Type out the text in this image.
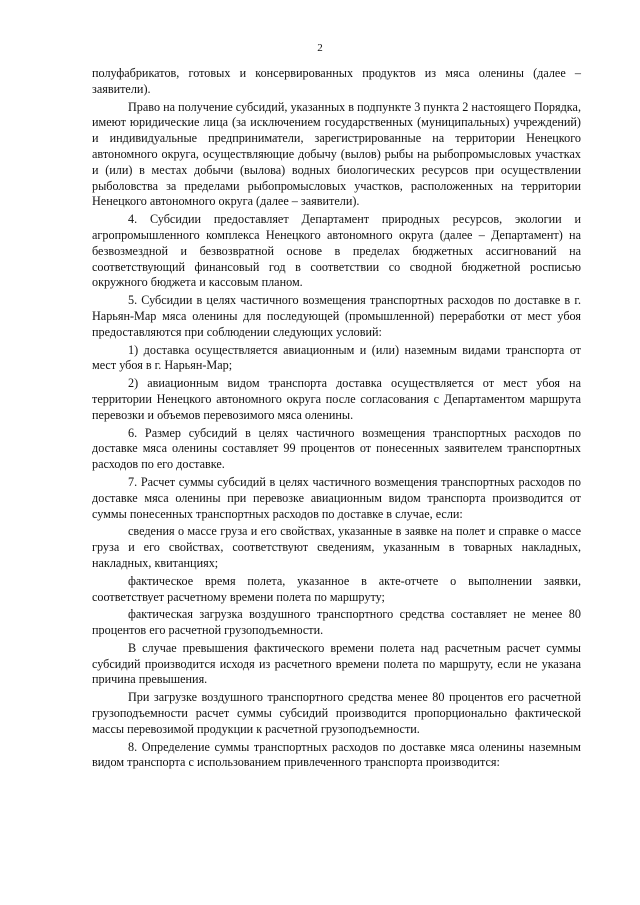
2

полуфабрикатов, готовых и консервированных продуктов из мяса оленины (далее – заявители).

Право на получение субсидий, указанных в подпункте 3 пункта 2 настоящего Порядка, имеют юридические лица (за исключением государственных (муниципальных) учреждений) и индивидуальные предприниматели, зарегистрированные на территории Ненецкого автономного округа, осуществляющие добычу (вылов) рыбы на рыбопромысловых участках и (или) в местах добычи (вылова) водных биологических ресурсов при осуществлении рыболовства за пределами рыбопромысловых участков, расположенных на территории Ненецкого автономного округа (далее – заявители).

4. Субсидии предоставляет Департамент природных ресурсов, экологии и агропромышленного комплекса Ненецкого автономного округа (далее – Департамент) на безвозмездной и безвозвратной основе в пределах бюджетных ассигнований на соответствующий финансовый год в соответствии со сводной бюджетной росписью окружного бюджета и кассовым планом.

5. Субсидии в целях частичного возмещения транспортных расходов по доставке в г. Нарьян-Мар мяса оленины для последующей (промышленной) переработки от мест убоя предоставляются при соблюдении следующих условий:

1) доставка осуществляется авиационным и (или) наземным видами транспорта от мест убоя в г. Нарьян-Мар;

2) авиационным видом транспорта доставка осуществляется от мест убоя на территории Ненецкого автономного округа после согласования с Департаментом маршрута перевозки и объемов перевозимого мяса оленины.

6. Размер субсидий в целях частичного возмещения транспортных расходов по доставке мяса оленины составляет 99 процентов от понесенных заявителем транспортных расходов по его доставке.

7. Расчет суммы субсидий в целях частичного возмещения транспортных расходов по доставке мяса оленины при перевозке авиационным видом транспорта производится от суммы понесенных транспортных расходов по доставке в случае, если:

сведения о массе груза и его свойствах, указанные в заявке на полет и справке о массе груза и его свойствах, соответствуют сведениям, указанным в товарных накладных, накладных, квитанциях;

фактическое время полета, указанное в акте-отчете о выполнении заявки, соответствует расчетному времени полета по маршруту;

фактическая загрузка воздушного транспортного средства составляет не менее 80 процентов его расчетной грузоподъемности.

В случае превышения фактического времени полета над расчетным расчет суммы субсидий производится исходя из расчетного времени полета по маршруту, если не указана причина превышения.

При загрузке воздушного транспортного средства менее 80 процентов его расчетной грузоподъемности расчет суммы субсидий производится пропорционально фактической массы перевозимой продукции к расчетной грузоподъемности.

8. Определение суммы транспортных расходов по доставке мяса оленины наземным видом транспорта с использованием привлеченного транспорта производится:
